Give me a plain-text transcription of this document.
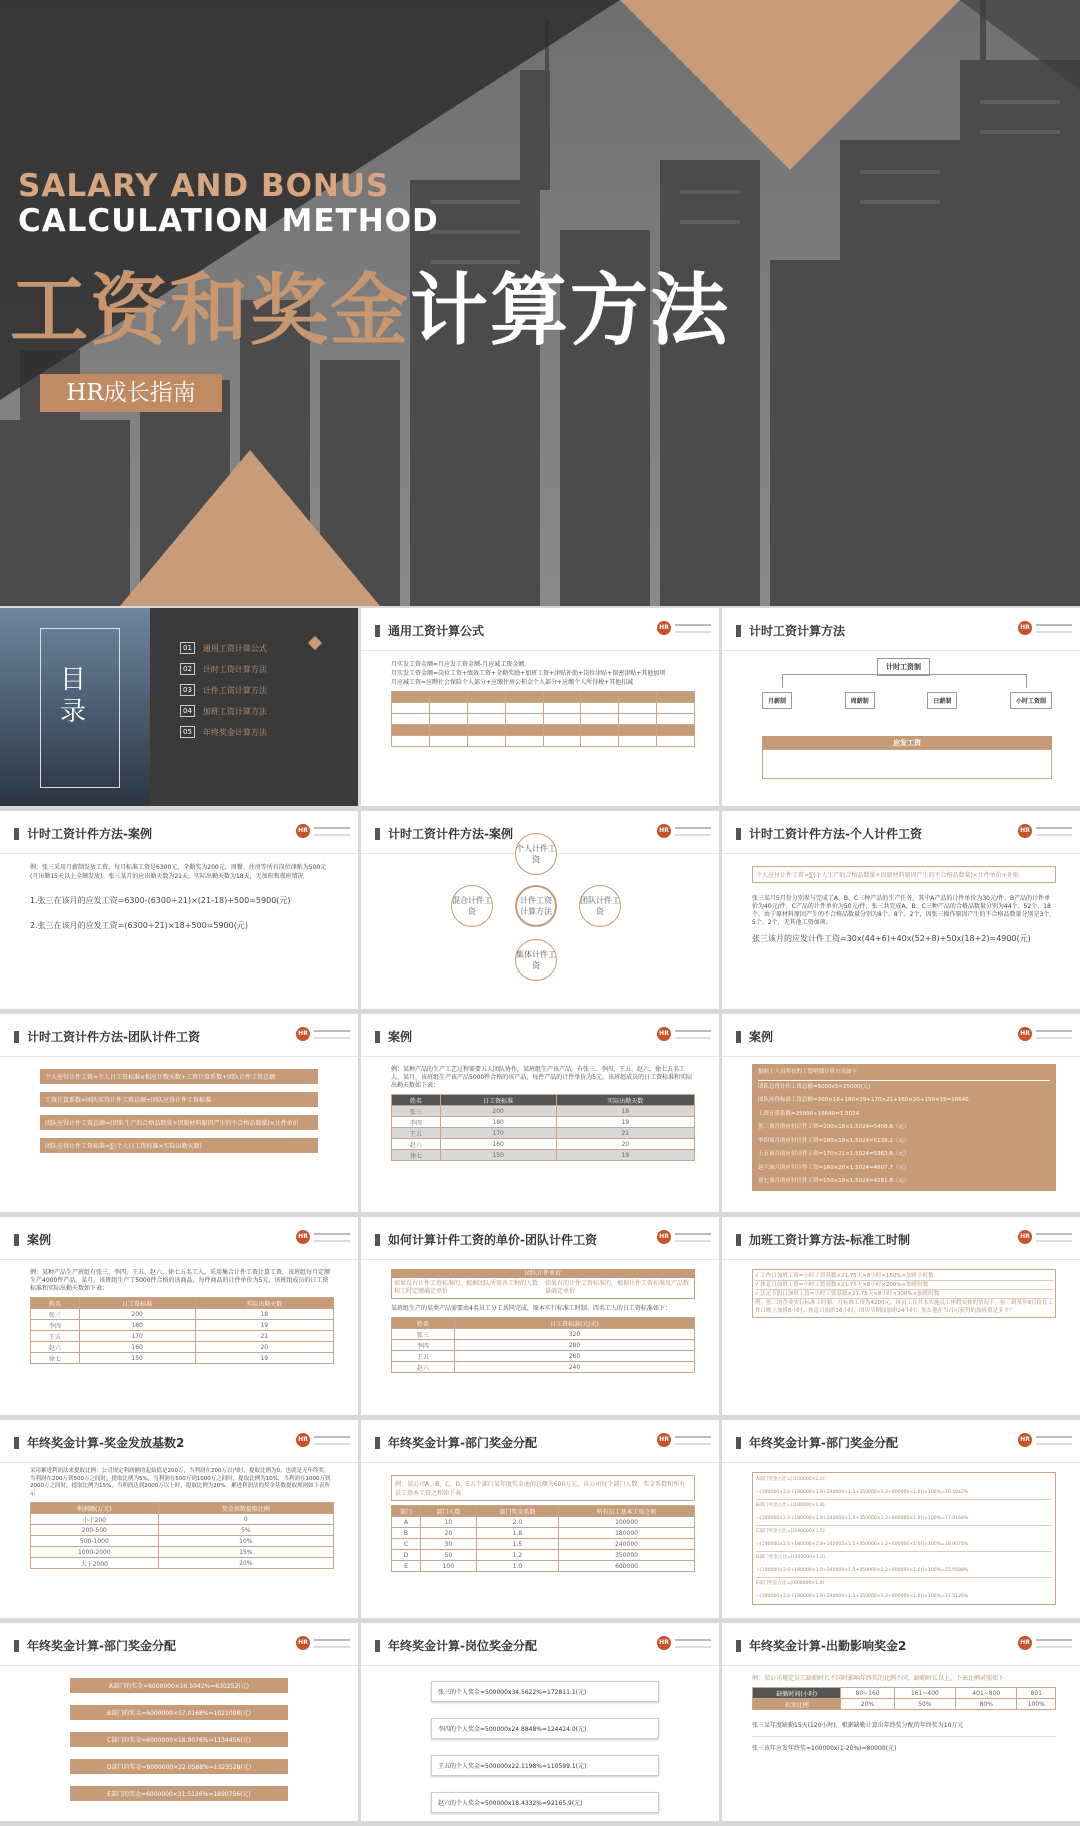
SALARY AND BONUS
CALCULATION METHOD
工资和奖金计算方法
HR成长指南
目录
01	通用工资计算公式
02	计时工资计算方法
03	计件工资计算方法
04	加班工资计算方法
05	年终奖金计算方法
通用工资计算公式	HR
月实发工资金额=月应发工资金额-月应减工资金额。
月实发工资金额=岗位工资+绩效工资+全勤奖励+加班工资+津贴补助+岗位津贴+保密津贴+其他加项
月应减工资=应聘社会保险个人部分+应缴住房公积金个人部分+应缴个人所得税+其他扣减

计时工资计算方法	HR
计时工资制
月薪制	周薪制	日薪制	小时工资制
应发工资
计时工资计件方法-案例	HR
例：张三采用月薪制发放工资，每月标准工资是6300元，全勤奖为200元，周餐、住房等所有岗位津贴为500元(月出勤15天以上全额发放)。张三某月的应出勤天数为21天，实际出勤天数为18天，无加班和夜班情况
1.张三在该月的应发工资=6300-(6300÷21)×(21-18)+500=5900(元)
2.张三在该月的应发工资=(6300÷21)×18+500=5900(元)
计时工资计件方法-案例	HR
计件工资计算方法
个人计件工资
团队计件工资
集体计件工资
混合计件工资
计时工资计件方法-个人计件工资	HR
个人应付计件工资=∑(个人生产的合格品数量+因原材料原因产生的不合格品数量)×计件单价+补贴
张三某月5月份分别参与完成了A、B、C三种产品的生产任务，其中A产品的计件单价为30元/件、B产品的计件单价为40元/件、C产品的计件单价为50元/件，张三共完成A、B、C三种产品的合格品数量分别为44个、52个、18个，由于原材料原因产生的不合格品数量分别为8个、8个、2个，因张三操作原因产生的不合格品数量分别是3个、5个、2个，无其他工资加项。
张三该月的应发计件工资=30x(44+6)+40x(52+8)+50x(18+2)=4900(元)
计时工资计件方法-团队计件工资	HR
个人应付计件工资=个人日工资标准×相应计数天数+工资计算系数+团队计件工资总额
工资计算系数=团队实得计件工资总额÷团队应得计件工资标准
团队应得计件工资总额=(团队生产的合格品数量+因原材料原因产生的不合格品数量)×计件单价
团队应得计件工资标准=∑(个人日工资标准×实际出勤天数)
案例	HR
例：某种产品的生产工艺过程需要五人团队协作，某班组生产该产品，有张三、李四、王五、赵六、徐七五名工人。某月，该班组生产该产品5000件合格的该产品，每件产品的计件单价为5元，该班组成员的日工资标准和实际出勤天数如下表：
姓名	日工资标准	实际出勤天数
张三	200	18
李四	180	19
王五	170	21
赵六	160	20
徐七	150	19
案例	HR
根据上人员所在的工资明细计算方式如下
团队总得计件工资总额=5000x5=25000(元)
团队应得标准工资总额=200×18+180×19+170×21+160×20+150×19=16640
工资计算系数=25000÷16640=1.5024
张三该月的应付计件工资=200×18×1.5024=5408.6（元）
李四该月的应付计件工资=180×19×1.5024=5138.2（元）
王五该月的应付计件工资=170×21×1.5024=5363.6（元）
赵六该月的应付计件工资=160×20×1.5024=4807.7（元）
徐七该月的应付计件工资=150×19×1.5024=4281.8（元）
案例	HR
例：某种产品生产班组有张三、李四、王五、赵六、徐七五名工人，采用集合计件工资计算工资，该班组每月定额生产4000件产品。某月，该班组生产了5000件合格的该商品，每件商品的计件单价为5元，该班组成员的日工资标准和实际出勤天数如下表：
姓名	日工资标准	实际出勤天数
张三	200	18
李四	180	19
王五	170	21
赵六	160	20
徐七	150	19
如何计算计件工资的单价-团队计件工资	HR
团队计件单价
如果没有计件工资标准的，根据团队所需各工种的人数和工时定额确定单价
如果有的计件工资标准的，根据计件工资标准及产品数量确定单价
某班组生产的某类产品需要由4名员工分工共同完成，原本实行标准工时制。四名工人的日工资标准如下：
姓名	日工资标准(元/天)
张三	320
李四	280
王五	260
赵六	240
加班工资计算方法-标准工时制	HR
√ 工作日加班工资=小时工资基数×21.75天×8小时×150%×加班小时数
√ 休息日加班工资=小时工资基数×21.75天×8小时×200%×加班时数
√ 法定节假日加班工资=小时工资基数×21.75天×8小时×300%×加班时数
例：张三的企业实行标准工时制，月标准工资为4200元，该员工在并未实施员工休假安排的情况下，张三到某年9月份在工作日晚上加班8小时，休息日加班16小时，国庆节期间加班24小时，那么他在当月可获得的加班费是多少？
年终奖金计算-奖金发放基数2	HR
采用累进利润法来提取比例：公司规定利润额的起始值是200万，当利润在200万以内时，提取比例为0。也就是无年终奖。当利润在200万到500万之间时，提取比例为5%，当利润在500万到1000万之间时，提取比例为10%，当利润在1000万到2000万之间时，提取比例为15%，当利润达到2000万以上时，提取比例为20%。累进利润法的奖金基数提取规则如下表所示
利润额(万元)	奖金基数提取比例
小于200	0
200-500	5%
500-1000	10%
1000-2000	15%
大于2000	20%
年终奖金计算-部门奖金分配	HR
例：某公司A、B、C、D、E五个部门某年度奖金池的总额为600万元，该公司每个部门人数、奖金系数和所有员工基本工资之和如下表
部门	部门人数	部门奖金系数	所有员工基本工资之和
A	10	2.0	100000
B	20	1.8	180000
C	30	1.5	240000
D	50	1.2	350000
E	100	1.0	600000
年终奖金计算-部门奖金分配	HR
A部门奖金占比=[(100000×2.0)
÷(100000×2.0+180000×1.8+240000×1.5+350000×1.2+600000×1.0)]×100%=10.5042%
B部门奖金占比=[(180000×1.8)
÷(100000×2.0+180000×1.8+240000×1.5+350000×1.2+600000×1.0)]×100%=17.0168%
C部门奖金占比=[(240000×1.5)
÷(100000×2.0+180000×1.8+240000×1.5+350000×1.2+600000×1.0)]×100%=18.9076%
D部门奖金占比=[(350000×1.2)
÷(100000×2.0+180000×1.8+240000×1.5+350000×1.2+600000×1.0)]×100%=22.0588%
E部门奖金占比=[(600000×1.0)
÷(100000×2.0+180000×1.8+240000×1.5+350000×1.2+600000×1.0)]×100%=31.5126%
年终奖金计算-部门奖金分配	HR
A部门的奖金=6000000×10.5042%=630252(元)
B部门的奖金=6000000×17.0168%=1021008(元)
C部门的奖金=6000000×18.9076%=1134456(元)
D部门的奖金=6000000×22.0588%=1323528(元)
E部门的奖金=6000000×31.5126%=1890756(元)
年终奖金计算-岗位奖金分配	HR
张三的个人奖金=500000x34.5622%=172811.1(元)
李四的个人奖金=500000x24.8848%=124424.0(元)
王五的个人奖金=500000x22.1198%=110599.1(元)
赵六的个人奖金=500000x18.4332%=92165.9(元)
年终奖金计算-出勤影响奖金2	HR
例：某公司规定员工缺勤时长不同时影响年终奖的比例不同，缺勤时长以上，下表比例对照如下
缺勤时间(小时)	80~160	161~400	401~800	801
扣发比例	20%	50%	80%	100%
张三某年度缺勤15天(120小时)，根据缺勤计算出年终奖分配的年终奖为10万元
张三该年应发年终奖=100000x(1-20%)=80000(元)
